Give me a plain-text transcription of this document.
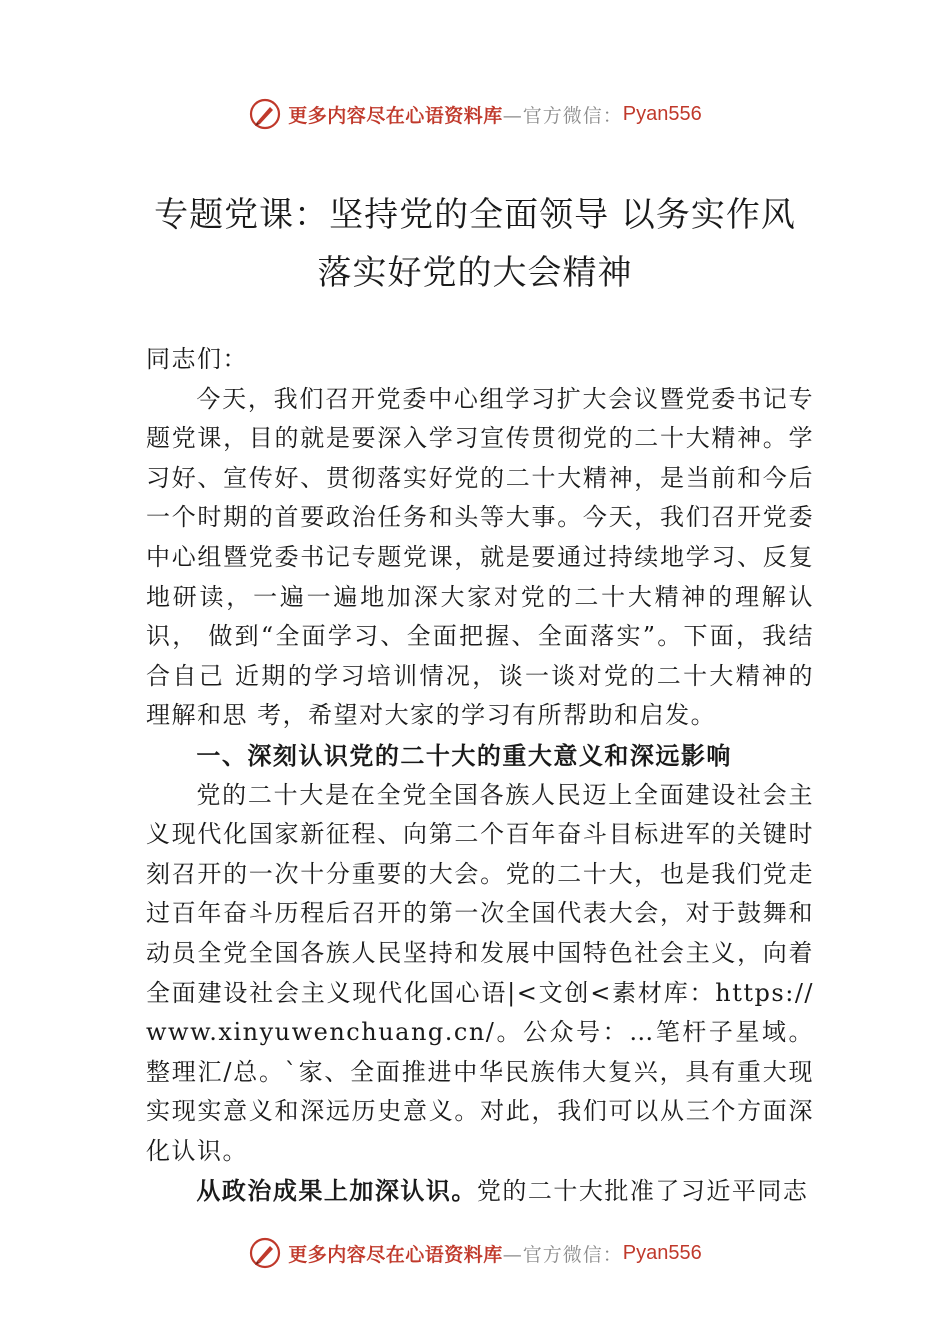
更多内容尽在心语资料库 —官方微信： Pyan556
专题党课：坚持党的全面领导 以务实作风
落实好党的大会精神

同志们：

今天，我们召开党委中心组学习扩大会议暨党委书记专题党课，目的就是要深入学习宣传贯彻党的二十大精神。学习好、宣传好、贯彻落实好党的二十大精神，是当前和今后 一个时期的首要政治任务和头等大事。今天，我们召开党委 中心组暨党委书记专题党课，就是要通过持续地学习、反复 地研读，一遍一遍地加深大家对党的二十大精神的理解认识， 做到“全面学习、全面把握、全面落实”。下面，我结合自己 近期的学习培训情况，谈一谈对党的二十大精神的理解和思 考，希望对大家的学习有所帮助和启发。

一、深刻认识党的二十大的重大意义和深远影响

党的二十大是在全党全国各族人民迈上全面建设社会主义现代化国家新征程、向第二个百年奋斗目标进军的关键时刻召开的一次十分重要的大会。党的二十大，也是我们党走过百年奋斗历程后召开的第一次全国代表大会，对于鼓舞和动员全党全国各族人民坚持和发展中国特色社会主义，向着全面建设社会主义现代化国心语|<文创<素材库：https://www.xinyuwenchuang.cn/。公众号：…笔杆子星域。整理汇/总。`家、全面推进中华民族伟大复兴，具有重大现实现实意义和深远历史意义。对此，我们可以从三个方面深化认识。

从政治成果上加深认识。党的二十大批准了习近平同志

更多内容尽在心语资料库 —官方微信： Pyan556
